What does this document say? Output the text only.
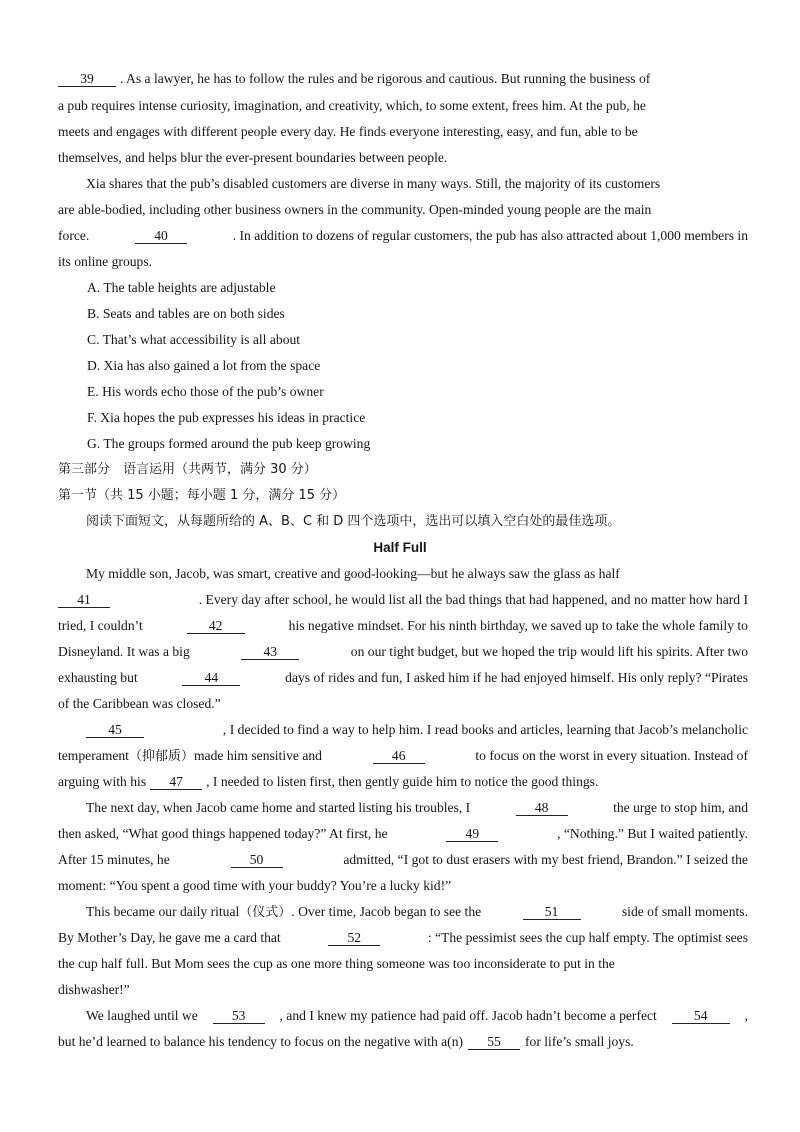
39	. As a lawyer, he has to follow the rules and be rigorous and cautious. But running the business of
a pub requires intense curiosity, imagination, and creativity, which, to some extent, frees him. At the pub, he
meets and engages with different people every day. He finds everyone interesting, easy, and fun, able to be
themselves, and helps blur the ever-present boundaries between people.
Xia shares that the pub’s disabled customers are diverse in many ways. Still, the majority of its customers
are able-bodied, including other business owners in the community. Open-minded young people are the main
force.	40	. In addition to dozens of regular customers, the pub has also attracted about 1,000 members in
its online groups.
A. The table heights are adjustable
B. Seats and tables are on both sides
C. That’s what accessibility is all about
D. Xia has also gained a lot from the space
E. His words echo those of the pub’s owner
F. Xia hopes the pub expresses his ideas in practice
G. The groups formed around the pub keep growing
第三部分　语言运用（共两节，满分 30 分）
第一节（共 15 小题；每小题 1 分，满分 15 分）
阅读下面短文，从每题所给的 A、B、C 和 D 四个选项中，选出可以填入空白处的最佳选项。
Half Full
My middle son, Jacob, was smart, creative and good-looking—but he always saw the glass as half
41	. Every day after school, he would list all the bad things that had happened, and no matter how hard I
tried, I couldn’t	42	his negative mindset. For his ninth birthday, we saved up to take the whole family to
Disneyland. It was a big	43	on our tight budget, but we hoped the trip would lift his spirits. After two
exhausting but	44	days of rides and fun, I asked him if he had enjoyed himself. His only reply? “Pirates
of the Caribbean was closed.”
45	, I decided to find a way to help him. I read books and articles, learning that Jacob’s melancholic
temperament（抑郁质）made him sensitive and	46	to focus on the worst in every situation. Instead of
arguing with his	47	, I needed to listen first, then gently guide him to notice the good things.
The next day, when Jacob came home and started listing his troubles, I	48	the urge to stop him, and
then asked, “What good things happened today?” At first, he	49	, “Nothing.” But I waited patiently.
After 15 minutes, he	50	admitted, “I got to dust erasers with my best friend, Brandon.” I seized the
moment: “You spent a good time with your buddy? You’re a lucky kid!”
This became our daily ritual（仪式）. Over time, Jacob began to see the	51	side of small moments.
By Mother’s Day, he gave me a card that	52	: “The pessimist sees the cup half empty. The optimist sees
the cup half full. But Mom sees the cup as one more thing someone was too inconsiderate to put in the
dishwasher!”
We laughed until we	53	, and I knew my patience had paid off. Jacob hadn’t become a perfect	54	,
but he’d learned to balance his tendency to focus on the negative with a(n)	55	for life’s small joys.
